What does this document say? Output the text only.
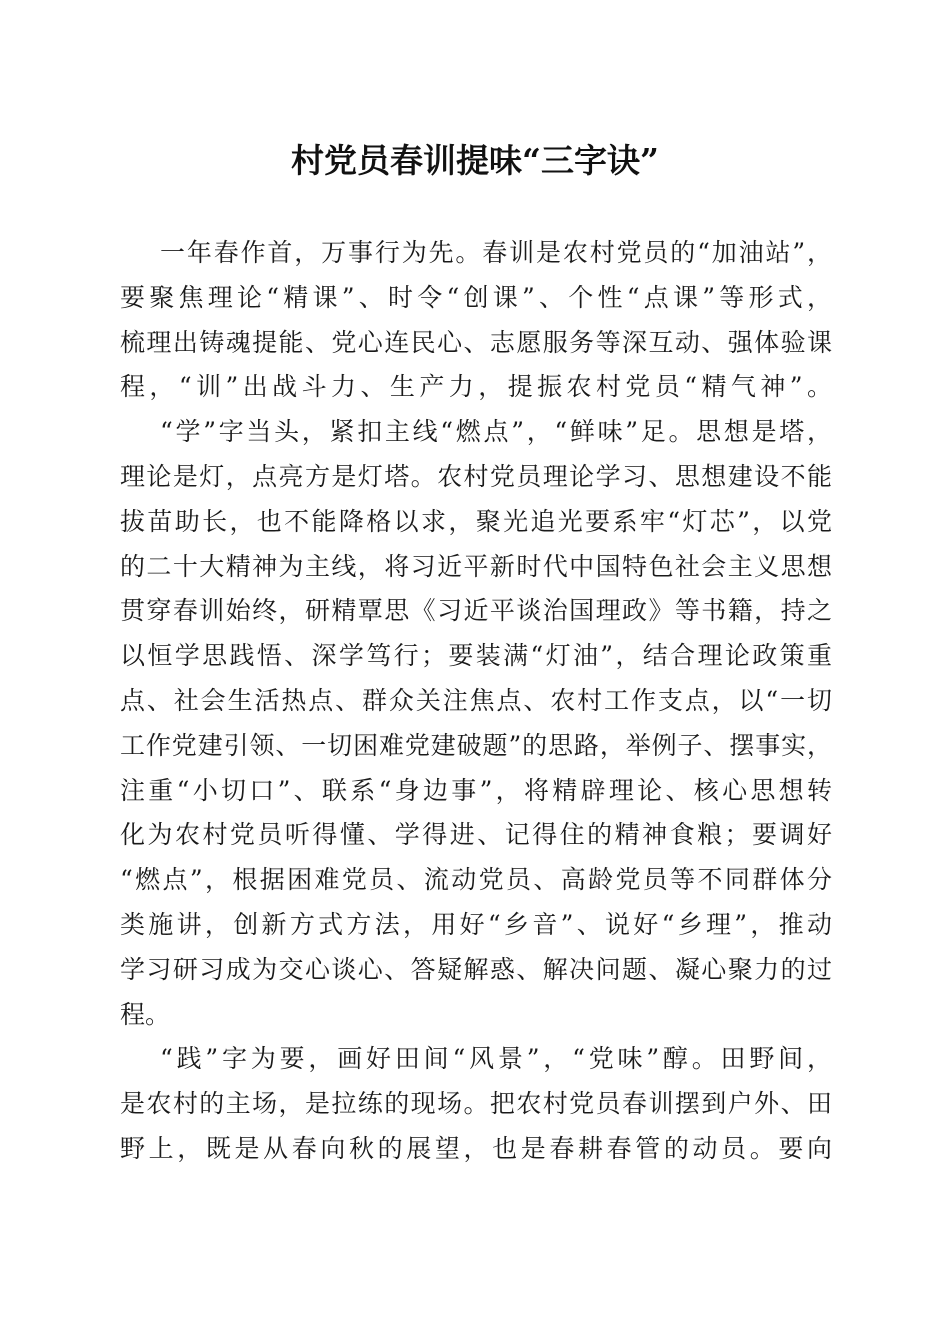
村党员春训提味“三字诀”
一年春作首，万事行为先。春训是农村党员的“加油站”，
要聚焦理论“精课”、时令“创课”、个性“点课”等形式，
梳理出铸魂提能、党心连民心、志愿服务等深互动、强体验课
程，“训”出战斗力、生产力，提振农村党员“精气神”。
“学”字当头，紧扣主线“燃点”，“鲜味”足。思想是塔，
理论是灯，点亮方是灯塔。农村党员理论学习、思想建设不能
拔苗助长，也不能降格以求，聚光追光要系牢“灯芯”，以党
的二十大精神为主线，将习近平新时代中国特色社会主义思想
贯穿春训始终，研精覃思《习近平谈治国理政》等书籍，持之
以恒学思践悟、深学笃行；要装满“灯油”，结合理论政策重
点、社会生活热点、群众关注焦点、农村工作支点，以“一切
工作党建引领、一切困难党建破题”的思路，举例子、摆事实，
注重“小切口”、联系“身边事”，将精辟理论、核心思想转
化为农村党员听得懂、学得进、记得住的精神食粮；要调好
“燃点”，根据困难党员、流动党员、高龄党员等不同群体分
类施讲，创新方式方法，用好“乡音”、说好“乡理”，推动
学习研习成为交心谈心、答疑解惑、解决问题、凝心聚力的过
程。
“践”字为要，画好田间“风景”，“党味”醇。田野间，
是农村的主场，是拉练的现场。把农村党员春训摆到户外、田
野上，既是从春向秋的展望，也是春耕春管的动员。要向
